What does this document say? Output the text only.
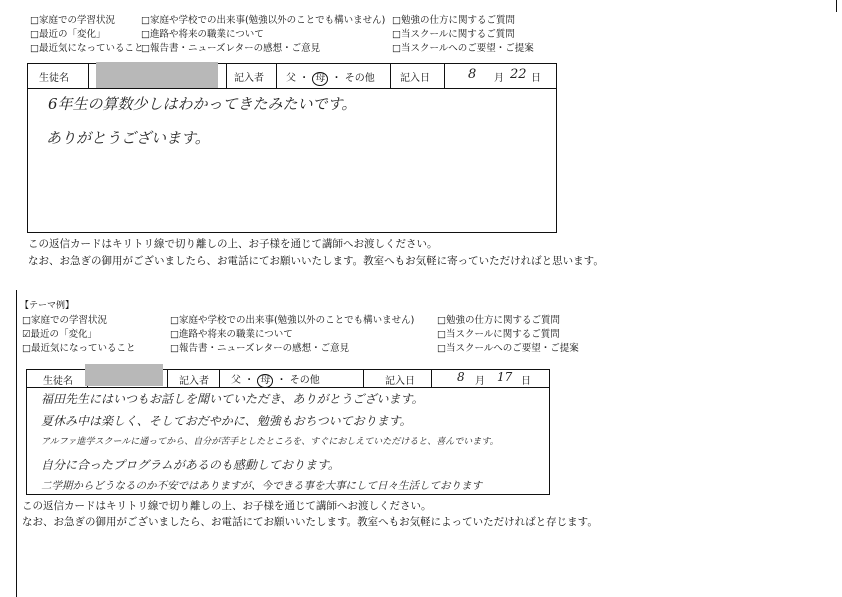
□家庭での学習状況
□最近の「変化」
□最近気になっていること
□家庭や学校での出来事(勉強以外のことでも構いません)
□進路や将来の職業について
□報告書・ニューズレターの感想・ご意見
□勉強の仕方に関するご質問
□当スクールに関するご質問
□当スクールへのご要望・ご提案
生徒名	記入者 父 ・ 母 ・ その他	記入日	8 月 22 日
6年生の算数少しはわかってきたみたいです。
ありがとうございます。
この返信カードはキリトリ線で切り離しの上、お子様を通じて講師へお渡しください。
なお、お急ぎの御用がございましたら、お電話にてお願いいたします。教室へもお気軽に寄っていただければと思います。
【テーマ例】
□家庭での学習状況
☑最近の「変化」
□最近気になっていること
□家庭や学校での出来事(勉強以外のことでも構いません)
□進路や将来の職業について
□報告書・ニューズレターの感想・ご意見
□勉強の仕方に関するご質問
□当スクールに関するご質問
□当スクールへのご要望・ご提案
生徒名	記入者 父 ・ 母 ・ その他	記入日	8 月 17 日
福田先生にはいつもお話しを聞いていただき、ありがとうございます。
夏休み中は楽しく、そしておだやかに、勉強もおちついております。
アルファ進学スクールに通ってから、自分が苦手としたところを、すぐにおしえていただけると、喜んでいます。
自分に合ったプログラムがあるのも感動しております。
二学期からどうなるのか不安ではありますが、今できる事を大事にして日々生活しております
この返信カードはキリトリ線で切り離しの上、お子様を通じて講師へお渡しください。
なお、お急ぎの御用がございましたら、お電話にてお願いいたします。教室へもお気軽によっていただければと存じます。
